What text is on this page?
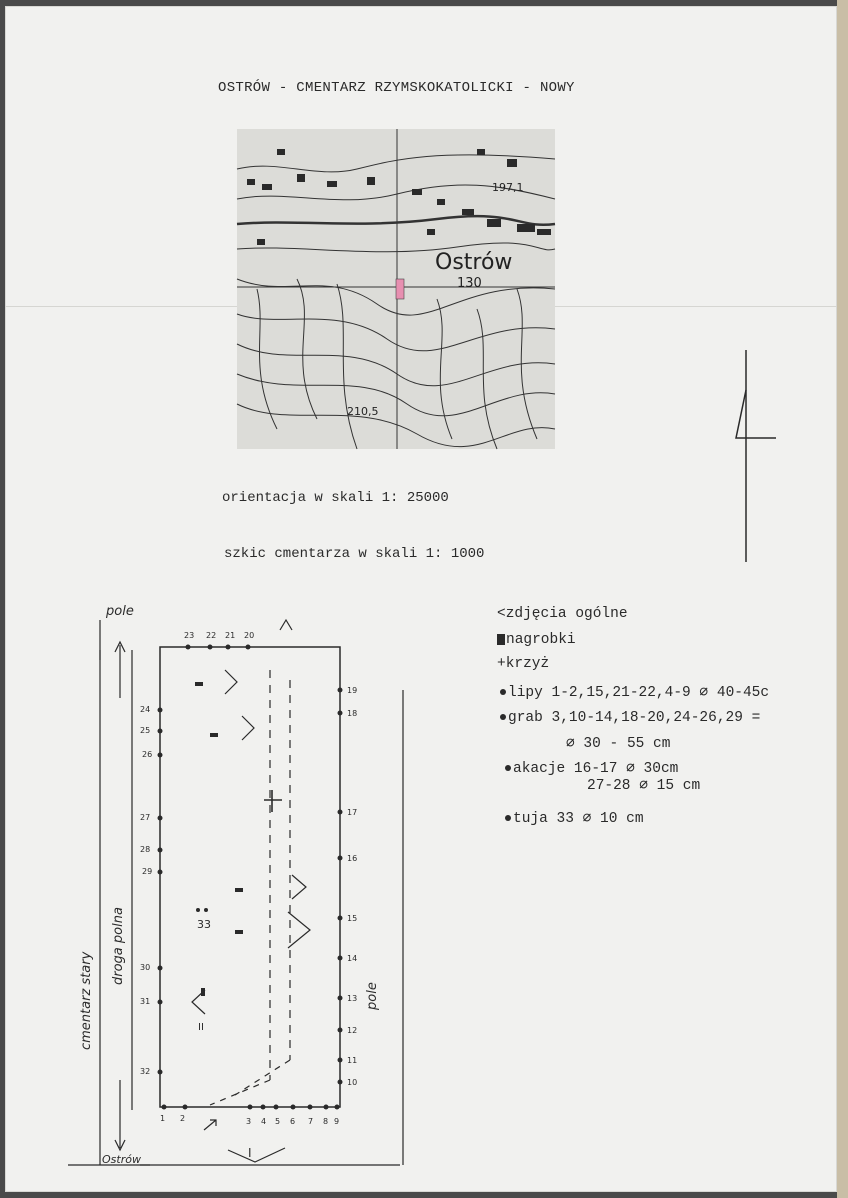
OSTRÓW - CMENTARZ RZYMSKOKATOLICKI - NOWY
Ostrów
130
197,1
210,5
orientacja w skali 1: 25000
szkic cmentarza w skali 1: 1000
23 22 21 20
24
25
26
27
28
29
30
31
32
19
18
17
16
15
14
13
12
11
10
1 2	3 4 5 6 7 8 9
33
I
II
pole
Ostrów
pole
droga polna
cmentarz stary
<zdjęcia ogólne
nagrobki
+krzyż
lipy 1-2,15,21-22,4-9 ∅ 40-45c
grab 3,10-14,18-20,24-26,29 =
∅ 30 - 55 cm
akacje 16-17 ∅ 30cm
27-28 ∅ 15 cm
tuja 33 ∅ 10 cm
